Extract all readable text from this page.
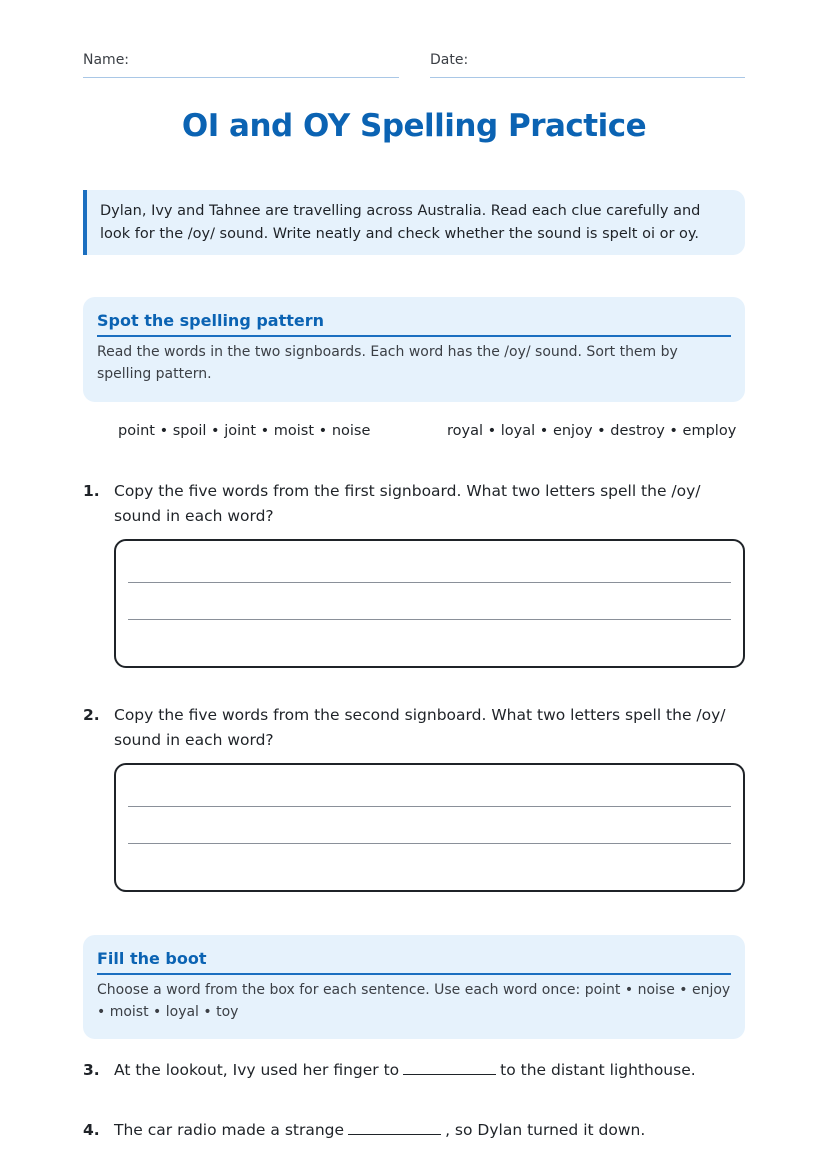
Name:	Date:
OI and OY Spelling Practice
Dylan, Ivy and Tahnee are travelling across Australia. Read each clue carefully and look for the /oy/ sound. Write neatly and check whether the sound is spelt oi or oy.
Spot the spelling pattern

Read the words in the two signboards. Each word has the /oy/ sound. Sort them by spelling pattern.

point • spoil • joint • moist • noise	royal • loyal • enjoy • destroy • employ
1. Copy the five words from the first signboard. What two letters spell the /oy/ sound in each word?
2. Copy the five words from the second signboard. What two letters spell the /oy/ sound in each word?
Fill the boot

Choose a word from the box for each sentence. Use each word once: point • noise • enjoy • moist • loyal • toy

3. At the lookout, Ivy used her finger to	to the distant lighthouse.
4. The car radio made a strange	, so Dylan turned it down.
